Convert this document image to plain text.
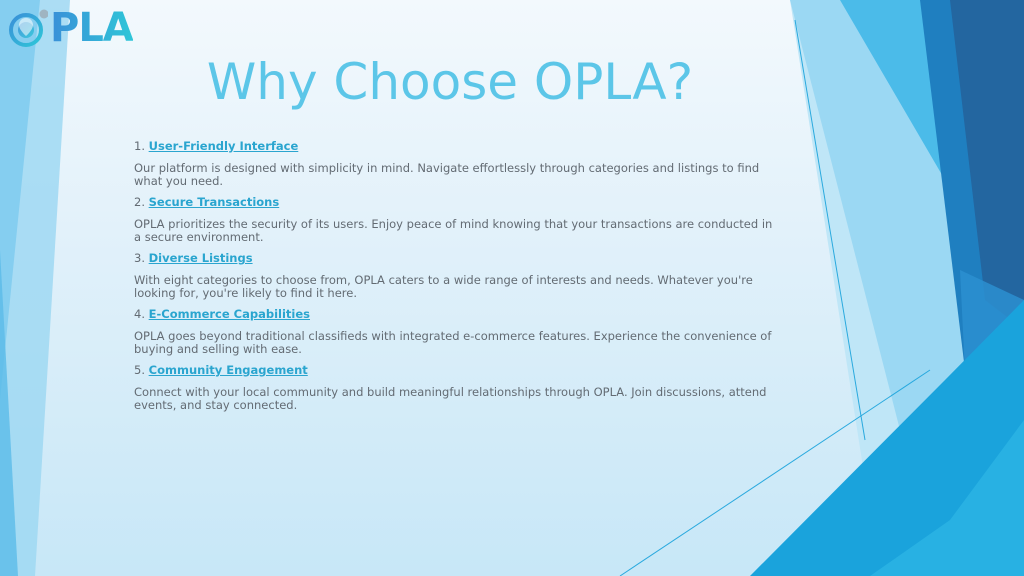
PLA
Why Choose OPLA?

1. User-Friendly Interface

Our platform is designed with simplicity in mind. Navigate effortlessly through categories and listings to find what you need.

2. Secure Transactions

OPLA prioritizes the security of its users. Enjoy peace of mind knowing that your transactions are conducted in a secure environment.

3. Diverse Listings

With eight categories to choose from, OPLA caters to a wide range of interests and needs. Whatever you're looking for, you're likely to find it here.

4. E-Commerce Capabilities

OPLA goes beyond traditional classifieds with integrated e-commerce features. Experience the convenience of buying and selling with ease.

5. Community Engagement

Connect with your local community and build meaningful relationships through OPLA. Join discussions, attend events, and stay connected.
